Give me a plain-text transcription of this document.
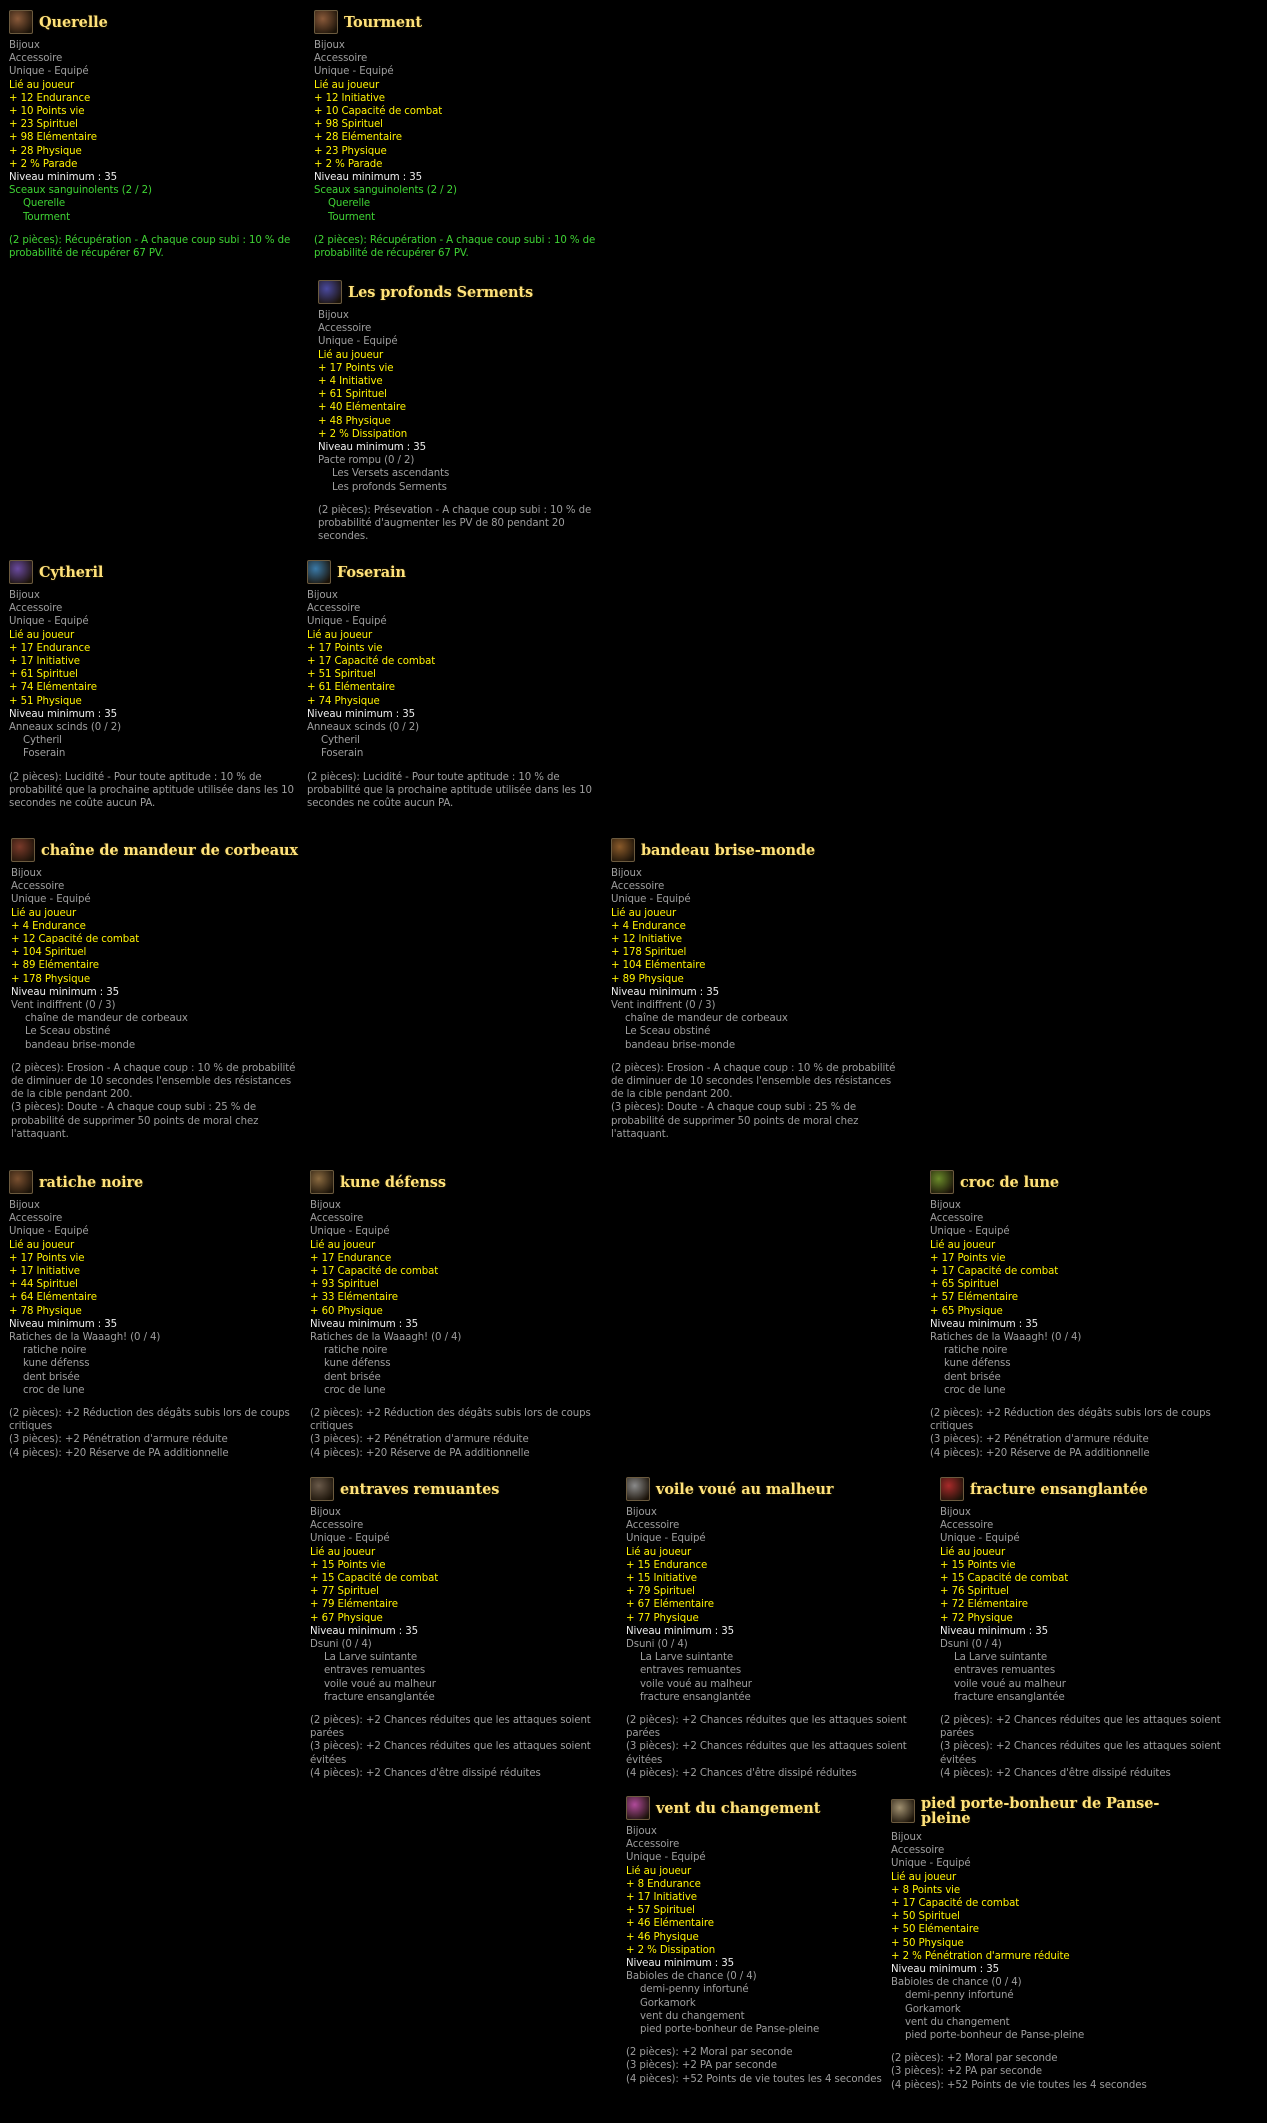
Querelle
Bijoux
Accessoire
Unique - Equipé
Lié au joueur
+ 12 Endurance
+ 10 Points vie
+ 23 Spirituel
+ 98 Elémentaire
+ 28 Physique
+ 2 % Parade
Niveau minimum : 35
Sceaux sanguinolents (2 / 2)
Querelle
Tourment
(2 pièces): Récupération - A chaque coup subi : 10 % de probabilité de récupérer 67 PV.
Tourment
Bijoux
Accessoire
Unique - Equipé
Lié au joueur
+ 12 Initiative
+ 10 Capacité de combat
+ 98 Spirituel
+ 28 Elémentaire
+ 23 Physique
+ 2 % Parade
Niveau minimum : 35
Sceaux sanguinolents (2 / 2)
Querelle
Tourment
(2 pièces): Récupération - A chaque coup subi : 10 % de probabilité de récupérer 67 PV.
Les profonds Serments
Bijoux
Accessoire
Unique - Equipé
Lié au joueur
+ 17 Points vie
+ 4 Initiative
+ 61 Spirituel
+ 40 Elémentaire
+ 48 Physique
+ 2 % Dissipation
Niveau minimum : 35
Pacte rompu (0 / 2)
Les Versets ascendants
Les profonds Serments
(2 pièces): Présevation - A chaque coup subi : 10 % de probabilité d'augmenter les PV de 80 pendant 20 secondes.
Cytheril
Bijoux
Accessoire
Unique - Equipé
Lié au joueur
+ 17 Endurance
+ 17 Initiative
+ 61 Spirituel
+ 74 Elémentaire
+ 51 Physique
Niveau minimum : 35
Anneaux scinds (0 / 2)
Cytheril
Foserain
(2 pièces): Lucidité - Pour toute aptitude : 10 % de probabilité que la prochaine aptitude utilisée dans les 10 secondes ne coûte aucun PA.
Foserain
Bijoux
Accessoire
Unique - Equipé
Lié au joueur
+ 17 Points vie
+ 17 Capacité de combat
+ 51 Spirituel
+ 61 Elémentaire
+ 74 Physique
Niveau minimum : 35
Anneaux scinds (0 / 2)
Cytheril
Foserain
(2 pièces): Lucidité - Pour toute aptitude : 10 % de probabilité que la prochaine aptitude utilisée dans les 10 secondes ne coûte aucun PA.
chaîne de mandeur de corbeaux
Bijoux
Accessoire
Unique - Equipé
Lié au joueur
+ 4 Endurance
+ 12 Capacité de combat
+ 104 Spirituel
+ 89 Elémentaire
+ 178 Physique
Niveau minimum : 35
Vent indiffrent (0 / 3)
chaîne de mandeur de corbeaux
Le Sceau obstiné
bandeau brise-monde
(2 pièces): Erosion - A chaque coup : 10 % de probabilité de diminuer de 10 secondes l'ensemble des résistances de la cible pendant 200.
(3 pièces): Doute - A chaque coup subi : 25 % de probabilité de supprimer 50 points de moral chez l'attaquant.
bandeau brise-monde
Bijoux
Accessoire
Unique - Equipé
Lié au joueur
+ 4 Endurance
+ 12 Initiative
+ 178 Spirituel
+ 104 Elémentaire
+ 89 Physique
Niveau minimum : 35
Vent indiffrent (0 / 3)
chaîne de mandeur de corbeaux
Le Sceau obstiné
bandeau brise-monde
(2 pièces): Erosion - A chaque coup : 10 % de probabilité de diminuer de 10 secondes l'ensemble des résistances de la cible pendant 200.
(3 pièces): Doute - A chaque coup subi : 25 % de probabilité de supprimer 50 points de moral chez l'attaquant.
ratiche noire
Bijoux
Accessoire
Unique - Equipé
Lié au joueur
+ 17 Points vie
+ 17 Initiative
+ 44 Spirituel
+ 64 Elémentaire
+ 78 Physique
Niveau minimum : 35
Ratiches de la Waaagh! (0 / 4)
ratiche noire
kune défenss
dent brisée
croc de lune
(2 pièces): +2 Réduction des dégâts subis lors de coups critiques
(3 pièces): +2 Pénétration d'armure réduite
(4 pièces): +20 Réserve de PA additionnelle
kune défenss
Bijoux
Accessoire
Unique - Equipé
Lié au joueur
+ 17 Endurance
+ 17 Capacité de combat
+ 93 Spirituel
+ 33 Elémentaire
+ 60 Physique
Niveau minimum : 35
Ratiches de la Waaagh! (0 / 4)
ratiche noire
kune défenss
dent brisée
croc de lune
(2 pièces): +2 Réduction des dégâts subis lors de coups critiques
(3 pièces): +2 Pénétration d'armure réduite
(4 pièces): +20 Réserve de PA additionnelle
croc de lune
Bijoux
Accessoire
Unique - Equipé
Lié au joueur
+ 17 Points vie
+ 17 Capacité de combat
+ 65 Spirituel
+ 57 Elémentaire
+ 65 Physique
Niveau minimum : 35
Ratiches de la Waaagh! (0 / 4)
ratiche noire
kune défenss
dent brisée
croc de lune
(2 pièces): +2 Réduction des dégâts subis lors de coups critiques
(3 pièces): +2 Pénétration d'armure réduite
(4 pièces): +20 Réserve de PA additionnelle
entraves remuantes
Bijoux
Accessoire
Unique - Equipé
Lié au joueur
+ 15 Points vie
+ 15 Capacité de combat
+ 77 Spirituel
+ 79 Elémentaire
+ 67 Physique
Niveau minimum : 35
Dsuni (0 / 4)
La Larve suintante
entraves remuantes
voile voué au malheur
fracture ensanglantée
(2 pièces): +2 Chances réduites que les attaques soient parées
(3 pièces): +2 Chances réduites que les attaques soient évitées
(4 pièces): +2 Chances d'être dissipé réduites
voile voué au malheur
Bijoux
Accessoire
Unique - Equipé
Lié au joueur
+ 15 Endurance
+ 15 Initiative
+ 79 Spirituel
+ 67 Elémentaire
+ 77 Physique
Niveau minimum : 35
Dsuni (0 / 4)
La Larve suintante
entraves remuantes
voile voué au malheur
fracture ensanglantée
(2 pièces): +2 Chances réduites que les attaques soient parées
(3 pièces): +2 Chances réduites que les attaques soient évitées
(4 pièces): +2 Chances d'être dissipé réduites
fracture ensanglantée
Bijoux
Accessoire
Unique - Equipé
Lié au joueur
+ 15 Points vie
+ 15 Capacité de combat
+ 76 Spirituel
+ 72 Elémentaire
+ 72 Physique
Niveau minimum : 35
Dsuni (0 / 4)
La Larve suintante
entraves remuantes
voile voué au malheur
fracture ensanglantée
(2 pièces): +2 Chances réduites que les attaques soient parées
(3 pièces): +2 Chances réduites que les attaques soient évitées
(4 pièces): +2 Chances d'être dissipé réduites
vent du changement
Bijoux
Accessoire
Unique - Equipé
Lié au joueur
+ 8 Endurance
+ 17 Initiative
+ 57 Spirituel
+ 46 Elémentaire
+ 46 Physique
+ 2 % Dissipation
Niveau minimum : 35
Babioles de chance (0 / 4)
demi-penny infortuné
Gorkamork
vent du changement
pied porte-bonheur de Panse-pleine
(2 pièces): +2 Moral par seconde
(3 pièces): +2 PA par seconde
(4 pièces): +52 Points de vie toutes les 4 secondes
pied porte-bonheur de Panse-pleine
Bijoux
Accessoire
Unique - Equipé
Lié au joueur
+ 8 Points vie
+ 17 Capacité de combat
+ 50 Spirituel
+ 50 Elémentaire
+ 50 Physique
+ 2 % Pénétration d'armure réduite
Niveau minimum : 35
Babioles de chance (0 / 4)
demi-penny infortuné
Gorkamork
vent du changement
pied porte-bonheur de Panse-pleine
(2 pièces): +2 Moral par seconde
(3 pièces): +2 PA par seconde
(4 pièces): +52 Points de vie toutes les 4 secondes
